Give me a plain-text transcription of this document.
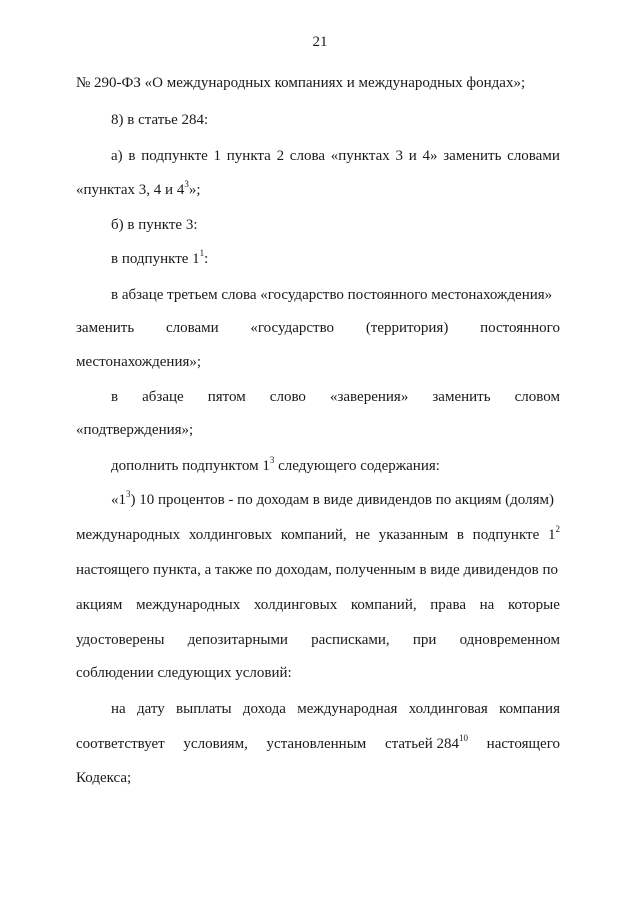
21
№ 290-ФЗ «О международных компаниях и международных фондах»;
8) в статье 284:
а) в подпункте 1 пункта 2 слова «пунктах 3 и 4» заменить словами
«пунктах 3, 4 и $4^3$»;
б) в пункте 3:
в подпункте $1^1$:
в абзаце третьем слова «государство постоянного местонахождения»
заменить словами «государство (территория) постоянного
местонахождения»;
в абзаце пятом слово «заверения» заменить словом
«подтверждения»;
дополнить подпунктом $1^3$ следующего содержания:
«$1^3$) 10 процентов - по доходам в виде дивидендов по акциям (долям)
международных холдинговых компаний, не указанным в подпункте $1^2$
настоящего пункта, а также по доходам, полученным в виде дивидендов по
акциям международных холдинговых компаний, права на которые
удостоверены депозитарными расписками, при одновременном
соблюдении следующих условий:
на дату выплаты дохода международная холдинговая компания
соответствует условиям, установленным статьей $284^{10}$ настоящего
Кодекса;
